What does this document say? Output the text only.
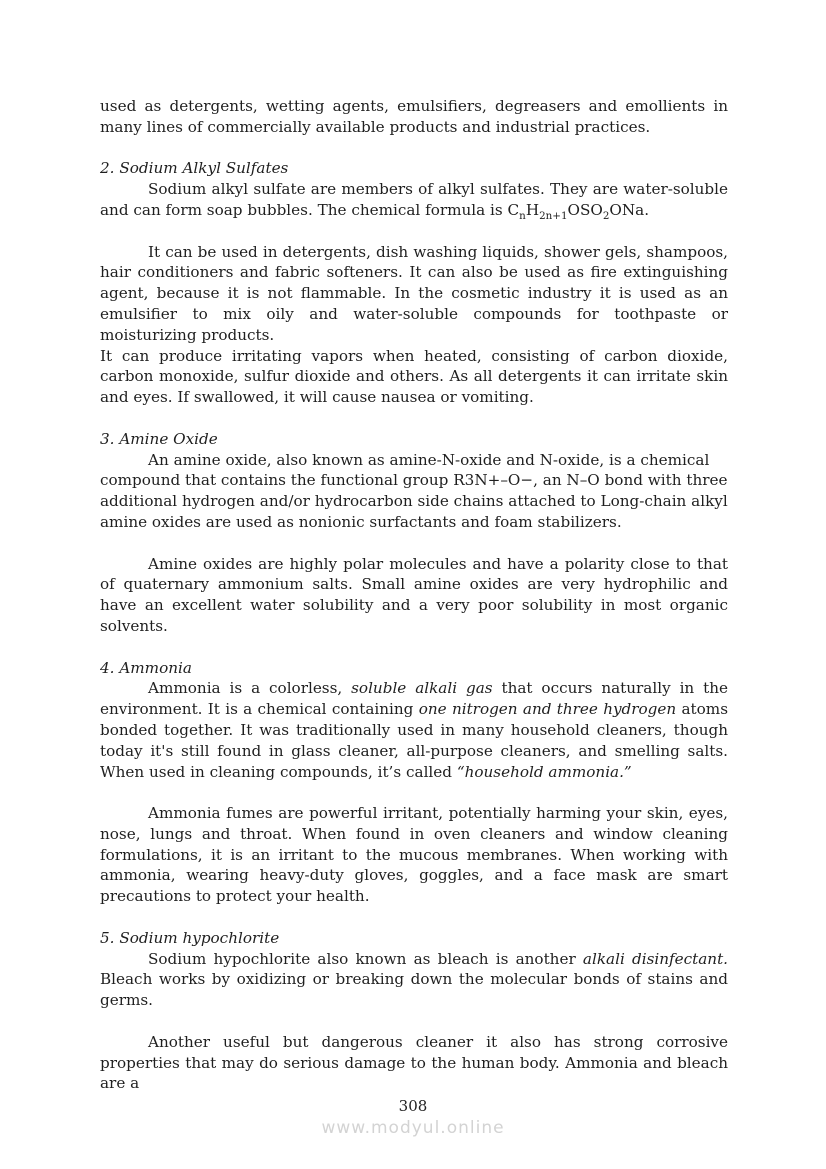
used as detergents, wetting agents, emulsifiers, degreasers and emollients in many lines of commercially available products and industrial practices.

2. Sodium Alkyl Sulfates

Sodium alkyl sulfate are members of alkyl sulfates. They are water-soluble and can form soap bubbles. The chemical formula is $C_nH_{2n+1}OSO_2ONa$.

It can be used in detergents, dish washing liquids, shower gels, shampoos, hair conditioners and fabric softeners. It can also be used as fire extinguishing agent, because it is not flammable. In the cosmetic industry it is used as an emulsifier to mix oily and water-soluble compounds for toothpaste or moisturizing products.

It can produce irritating vapors when heated, consisting of carbon dioxide, carbon monoxide, sulfur dioxide and others. As all detergents it can irritate skin and eyes. If swallowed, it will cause nausea or vomiting.

3. Amine Oxide

An amine oxide, also known as amine-N-oxide and N-oxide, is a chemical compound that contains the functional group R3N+–O−, an N–O bond with three additional hydrogen and/or hydrocarbon side chains attached to Long-chain alkyl amine oxides are used as nonionic surfactants and foam stabilizers.

Amine oxides are highly polar molecules and have a polarity close to that of quaternary ammonium salts. Small amine oxides are very hydrophilic and have an excellent water solubility and a very poor solubility in most organic solvents.

4. Ammonia

Ammonia is a colorless, soluble alkali gas that occurs naturally in the environment. It is a chemical containing one nitrogen and three hydrogen atoms bonded together. It was traditionally used in many household cleaners, though today it's still found in glass cleaner, all-purpose cleaners, and smelling salts. When used in cleaning compounds, it’s called “household ammonia.”

Ammonia fumes are powerful irritant, potentially harming your skin, eyes, nose, lungs and throat. When found in oven cleaners and window cleaning formulations, it is an irritant to the mucous membranes. When working with ammonia, wearing heavy-duty gloves, goggles, and a face mask are smart precautions to protect your health.

5. Sodium hypochlorite

Sodium hypochlorite also known as bleach is another alkali disinfectant. Bleach works by oxidizing or breaking down the molecular bonds of stains and germs.

Another useful but dangerous cleaner it also has strong corrosive properties that may do serious damage to the human body. Ammonia and bleach are a

308
www.modyul.online
